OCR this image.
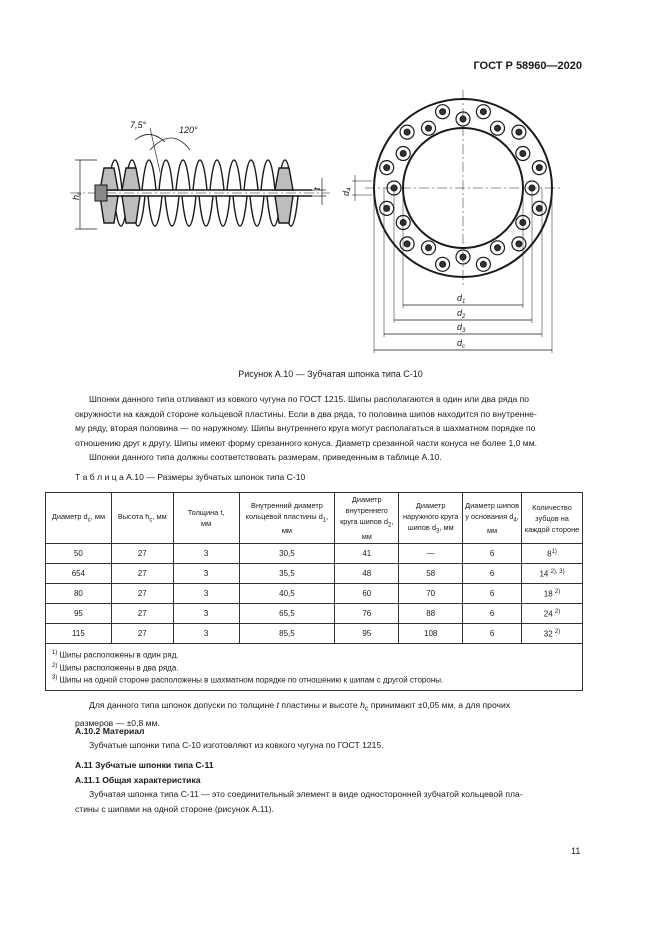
ГОСТ Р 58960—2020
7,5°	120°
$h_c$
t
$d_4$
$d_1$
$d_2$
$d_3$
$d_c$
Рисунок А.10 — Зубчатая шпонка типа С-10
Шпонки данного типа отливают из ковкого чугуна по ГОСТ 1215. Шипы располагаются в один или два ряда по
окружности на каждой стороне кольцевой пластины. Если в два ряда, то половина шипов находится по внутренне-
му ряду, вторая половина — по наружному. Шипы внутреннего круга могут располагаться в шахматном порядке по
отношению друг к другу. Шипы имеют форму срезанного конуса. Диаметр срезанной части конуса не более 1,0 мм.
Шпонки данного типа должны соответствовать размерам, приведенным в таблице А.10.
Т а б л и ц а А.10 — Размеры зубчатых шпонок типа С-10
Диаметр $d_c$, мм	Высота $h_c$, мм	Толщина t,
мм	Внутренний диаметр кольцевой пластины $d_1$, мм	Диаметр внутреннего круга шипов $d_2$, мм	Диаметр наружного круга шипов $d_3$, мм	Диаметр шипов у основания $d_4$, мм	Количество зубцов на каждой стороне
50	27	3	30,5	41	—	6	8$^{1)}$
654	27	3	35,5	48	58	6	14 $^{2), 3)}$
80	27	3	40,5	60	70	6	18 $^{2)}$
95	27	3	65,5	76	88	6	24 $^{2)}$
115	27	3	85,5	95	108	6	32 $^{2)}$
$^{1)}$ Шипы расположены в один ряд.
$^{2)}$ Шипы расположены в два ряда.
$^{3)}$ Шипы на одной стороне расположены в шахматном порядке по отношению к шипам с другой стороны.							
Для данного типа шпонок допуски по толщине t пластины и высоте $h_c$ принимают ±0,05 мм, а для прочих
размеров — ±0,8 мм.
А.10.2 Материал
Зубчатые шпонки типа С-10 изготовляют из ковкого чугуна по ГОСТ 1215.
А.11 Зубчатые шпонки типа С-11
А.11.1 Общая характеристика
Зубчатая шпонка типа С-11 — это соединительный элемент в виде односторонней зубчатой кольцевой пла-
стины с шипами на одной стороне (рисунок А.11).
11
